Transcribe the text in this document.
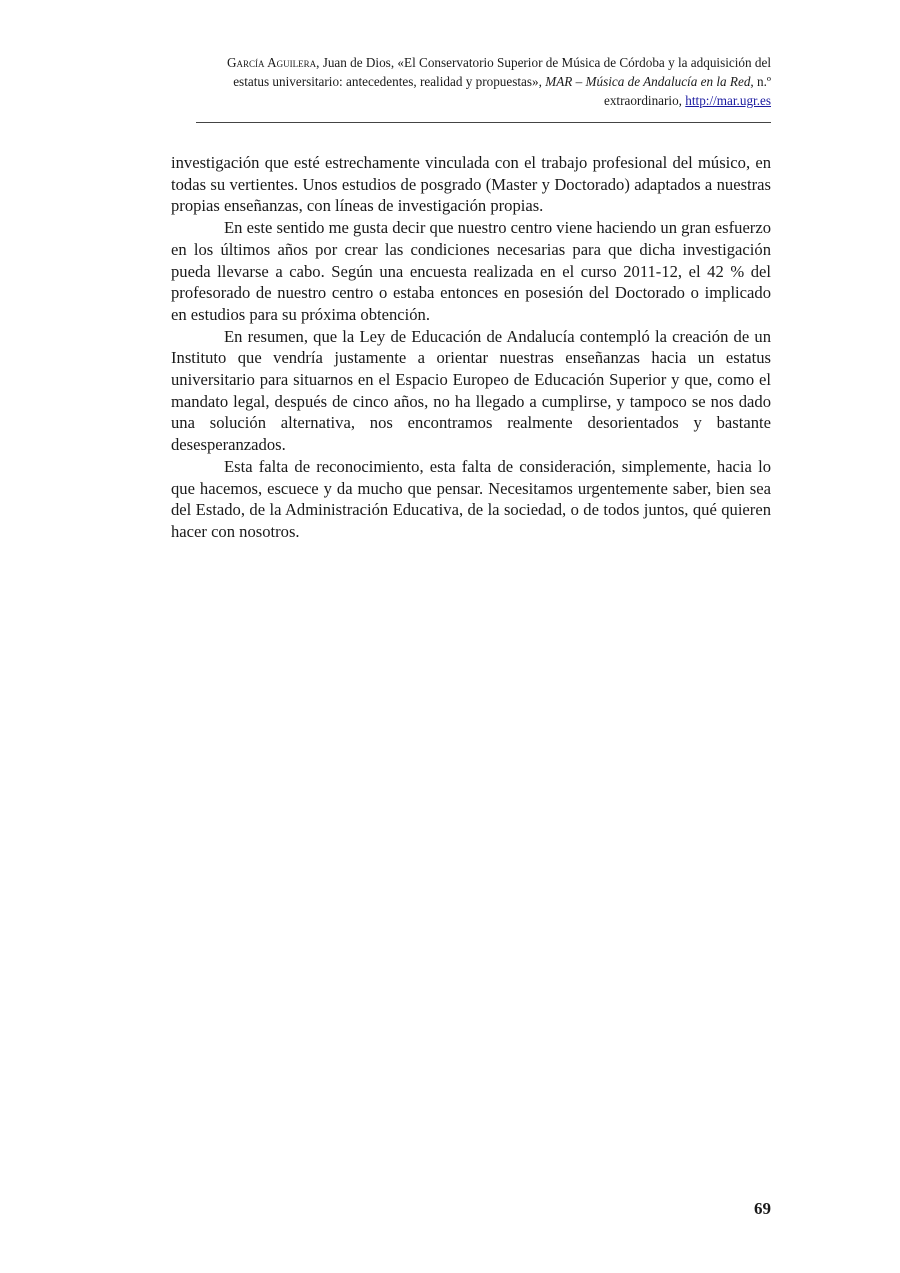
García Aguilera, Juan de Dios, «El Conservatorio Superior de Música de Córdoba y la adquisición del estatus universitario: antecedentes, realidad y propuestas», MAR – Música de Andalucía en la Red, n.º extraordinario, http://mar.ugr.es

investigación que esté estrechamente vinculada con el trabajo profesional del músico, en todas su vertientes. Unos estudios de posgrado (Master y Doctorado) adaptados a nuestras propias enseñanzas, con líneas de investigación propias.

En este sentido me gusta decir que nuestro centro viene haciendo un gran esfuerzo en los últimos años por crear las condiciones necesarias para que dicha investigación pueda llevarse a cabo. Según una encuesta realizada en el curso 2011-12, el 42 % del profesorado de nuestro centro o estaba entonces en posesión del Doctorado o implicado en estudios para su próxima obtención.

En resumen, que la Ley de Educación de Andalucía contempló la creación de un Instituto que vendría justamente a orientar nuestras enseñanzas hacia un estatus universitario para situarnos en el Espacio Europeo de Educación Superior y que, como el mandato legal, después de cinco años, no ha llegado a cumplirse, y tampoco se nos dado una solución alternativa, nos encontramos realmente desorientados y bastante desesperanzados.

Esta falta de reconocimiento, esta falta de consideración, simplemente, hacia lo que hacemos, escuece y da mucho que pensar. Necesitamos urgentemente saber, bien sea del Estado, de la Administración Educativa, de la sociedad, o de todos juntos, qué quieren hacer con nosotros.

69
